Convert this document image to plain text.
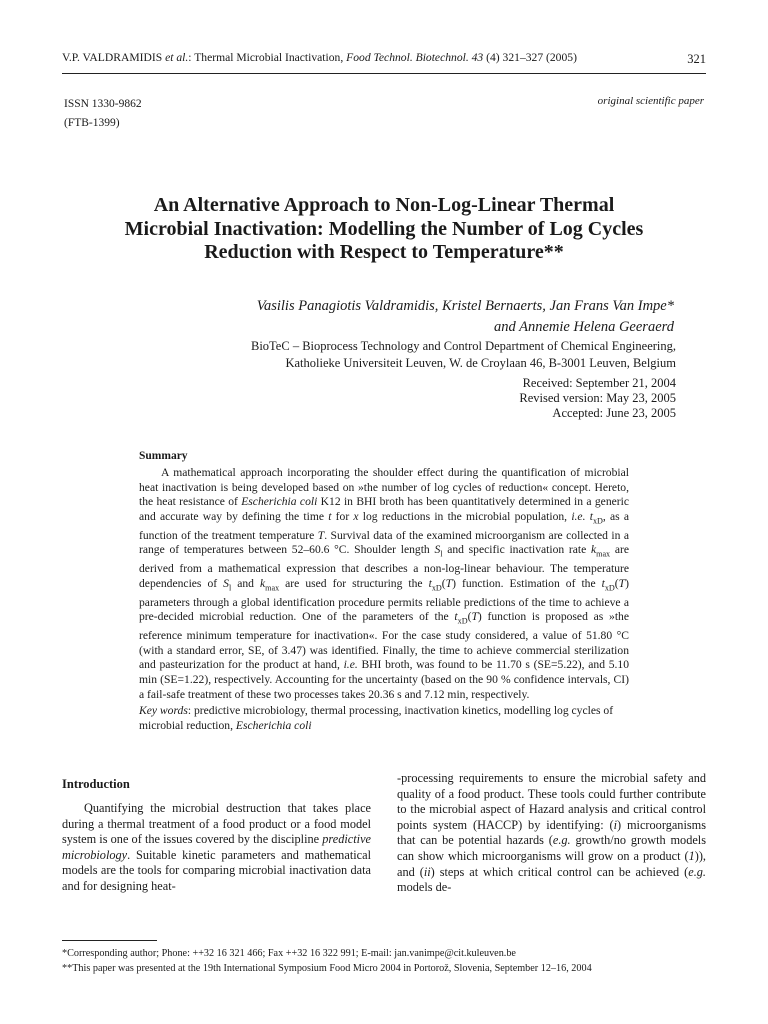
V.P. VALDRAMIDIS et al.: Thermal Microbial Inactivation, Food Technol. Biotechnol. 43 (4) 321–327 (2005)	321
ISSN 1330-9862
(FTB-1399)
original scientific paper
An Alternative Approach to Non-Log-Linear Thermal
Microbial Inactivation: Modelling the Number of Log Cycles
Reduction with Respect to Temperature**
Vasilis Panagiotis Valdramidis, Kristel Bernaerts, Jan Frans Van Impe*
and Annemie Helena Geeraerd
BioTeC – Bioprocess Technology and Control Department of Chemical Engineering,
Katholieke Universiteit Leuven, W. de Croylaan 46, B-3001 Leuven, Belgium
Received: September 21, 2004
Revised version: May 23, 2005
Accepted: June 23, 2005
Summary
A mathematical approach incorporating the shoulder effect during the quantification of microbial heat inactivation is being developed based on »the number of log cycles of reduction« concept. Hereto, the heat resistance of Escherichia coli K12 in BHI broth has been quantitatively determined in a generic and accurate way by defining the time t for x log reductions in the microbial population, i.e. $t_{xD}$, as a function of the treatment temperature T. Survival data of the examined microorganism are collected in a range of temperatures between 52–60.6 °C. Shoulder length $S_l$ and specific inactivation rate $k_{max}$ are derived from a mathematical expression that describes a non-log-linear behaviour. The temperature dependencies of $S_l$ and $k_{max}$ are used for structuring the $t_{xD}(T)$ function. Estimation of the $t_{xD}(T)$ parameters through a global identification procedure permits reliable predictions of the time to achieve a pre-decided microbial reduction. One of the parameters of the $t_{xD}(T)$ function is proposed as »the reference minimum temperature for inactivation«. For the case study considered, a value of 51.80 °C (with a standard error, SE, of 3.47) was identified. Finally, the time to achieve commercial sterilization and pasteurization for the product at hand, i.e. BHI broth, was found to be 11.70 s (SE=5.22), and 5.10 min (SE=1.22), respectively. Accounting for the uncertainty (based on the 90 % confidence intervals, CI) a fail-safe treatment of these two processes takes 20.36 s and 7.12 min, respectively.
Key words: predictive microbiology, thermal processing, inactivation kinetics, modelling log cycles of microbial reduction, Escherichia coli
Introduction
Quantifying the microbial destruction that takes place during a thermal treatment of a food product or a food model system is one of the issues covered by the discipline predictive microbiology. Suitable kinetic parameters and mathematical models are the tools for comparing microbial inactivation data and for designing heat-
-processing requirements to ensure the microbial safety and quality of a food product. These tools could further contribute to the microbial aspect of Hazard analysis and critical control points system (HACCP) by identifying: (i) microorganisms that can be potential hazards (e.g. growth/no growth models can show which microorganisms will grow on a product (1)), and (ii) steps at which critical control can be achieved (e.g. models de-
*Corresponding author; Phone: ++32 16 321 466; Fax ++32 16 322 991; E-mail: jan.vanimpe@cit.kuleuven.be
**This paper was presented at the 19th International Symposium Food Micro 2004 in Portorož, Slovenia, September 12–16, 2004
